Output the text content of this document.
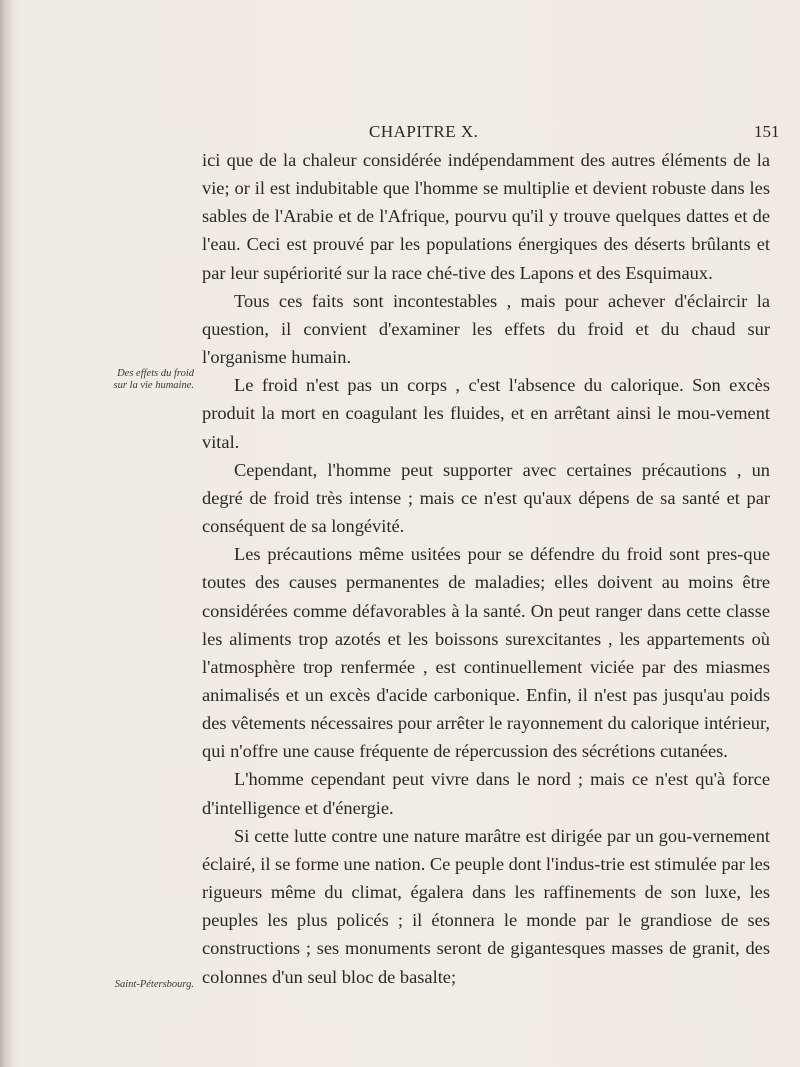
CHAPITRE X.	151
Des effets du froid
sur la vie humaine.
Saint-Pétersbourg.

ici que de la chaleur considérée indépendamment des autres éléments de la vie; or il est indubitable que l'homme se multiplie et devient robuste dans les sables de l'Arabie et de l'Afrique, pourvu qu'il y trouve quelques dattes et de l'eau. Ceci est prouvé par les populations énergiques des déserts brûlants et par leur supériorité sur la race ché-tive des Lapons et des Esquimaux.

Tous ces faits sont incontestables , mais pour achever d'éclaircir la question, il convient d'examiner les effets du froid et du chaud sur l'organisme humain.

Le froid n'est pas un corps , c'est l'absence du calorique. Son excès produit la mort en coagulant les fluides, et en arrêtant ainsi le mou-vement vital.

Cependant, l'homme peut supporter avec certaines précautions , un degré de froid très intense ; mais ce n'est qu'aux dépens de sa santé et par conséquent de sa longévité.

Les précautions même usitées pour se défendre du froid sont pres-que toutes des causes permanentes de maladies; elles doivent au moins être considérées comme défavorables à la santé. On peut ranger dans cette classe les aliments trop azotés et les boissons surexcitantes , les appartements où l'atmosphère trop renfermée , est continuellement viciée par des miasmes animalisés et un excès d'acide carbonique. Enfin, il n'est pas jusqu'au poids des vêtements nécessaires pour arrêter le rayonnement du calorique intérieur, qui n'offre une cause fréquente de répercussion des sécrétions cutanées.

L'homme cependant peut vivre dans le nord ; mais ce n'est qu'à force d'intelligence et d'énergie.

Si cette lutte contre une nature marâtre est dirigée par un gou-vernement éclairé, il se forme une nation. Ce peuple dont l'indus-trie est stimulée par les rigueurs même du climat, égalera dans les raffinements de son luxe, les peuples les plus policés ; il étonnera le monde par le grandiose de ses constructions ; ses monuments seront de gigantesques masses de granit, des colonnes d'un seul bloc de basalte;
